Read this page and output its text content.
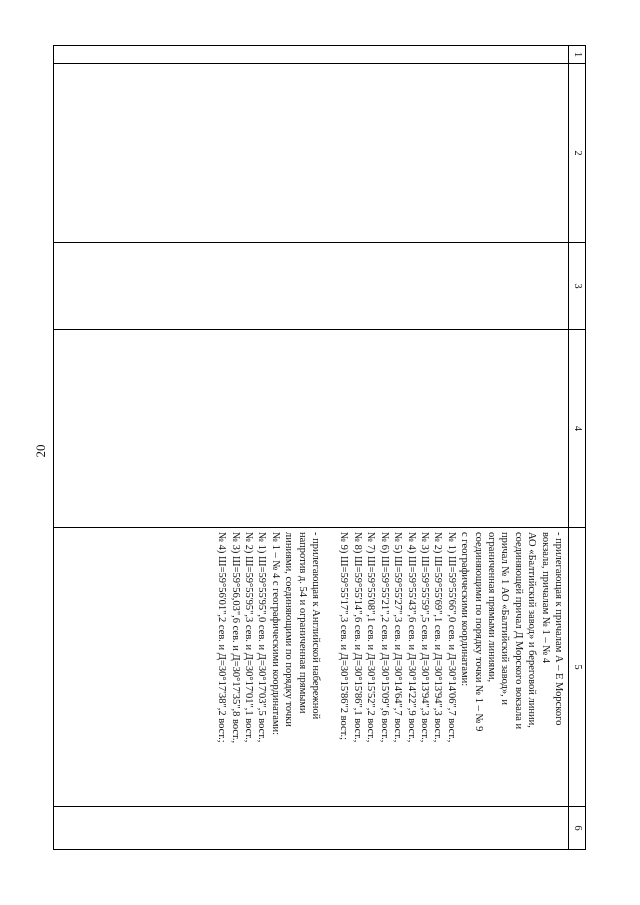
20
1
2
3
4
5
- прилегающая к причалам А – Е Морского
вокзала, причалам № 1 – № 4
АО «Балтийский завод» и береговой линии,
соединяющей причал Д Морского вокзала и
причал № 1 АО «Балтийский завод», и
ограниченная прямыми линиями,
соединяющими по порядку точки № 1 – № 9
с географическими координатами:
№ 1) Ш=59°55'66",0 сев. и Д=30°14'06",7 вост.,
№ 2) Ш=59°55'69",1 сев. и Д=30°13'94",3 вост.,
№ 3) Ш=59°55'59",5 сев. и Д=30°13'94",3 вост.,
№ 4) Ш=59°55'43",6 сев. и Д=30°14'22",9 вост.,
№ 5) Ш=59°55'27",3 сев. и Д=30°14'64",7 вост.,
№ 6) Ш=59°55'21",2 сев. и Д=30°15'09",6 вост.,
№ 7) Ш=59°55'08",1 сев. и Д=30°15'52",2 вост.,
№ 8) Ш=59°55'14",6 сев. и Д=30°15'86",1 вост.,
№ 9) Ш=59°55'17",3 сев. и Д=30°15'86"2 вост.;
- прилегающая к Английской набережной
напротив д. 54 и ограниченная прямыми
линиями, соединяющими по порядку точки
№ 1 – № 4 с географическими координатами:
№ 1) Ш=59°55'95",0 сев. и Д=30°17'03",5 вост.,
№ 2) Ш=59°55'95",3 сев. и Д=30°17'01",1 вост.,
№ 3) Ш=59°56,03",6 сев. и Д=30°17'35",8 вост.,
№ 4) Ш=59°56'01",2 сев. и Д=30°17'38",2 вост.;
6
